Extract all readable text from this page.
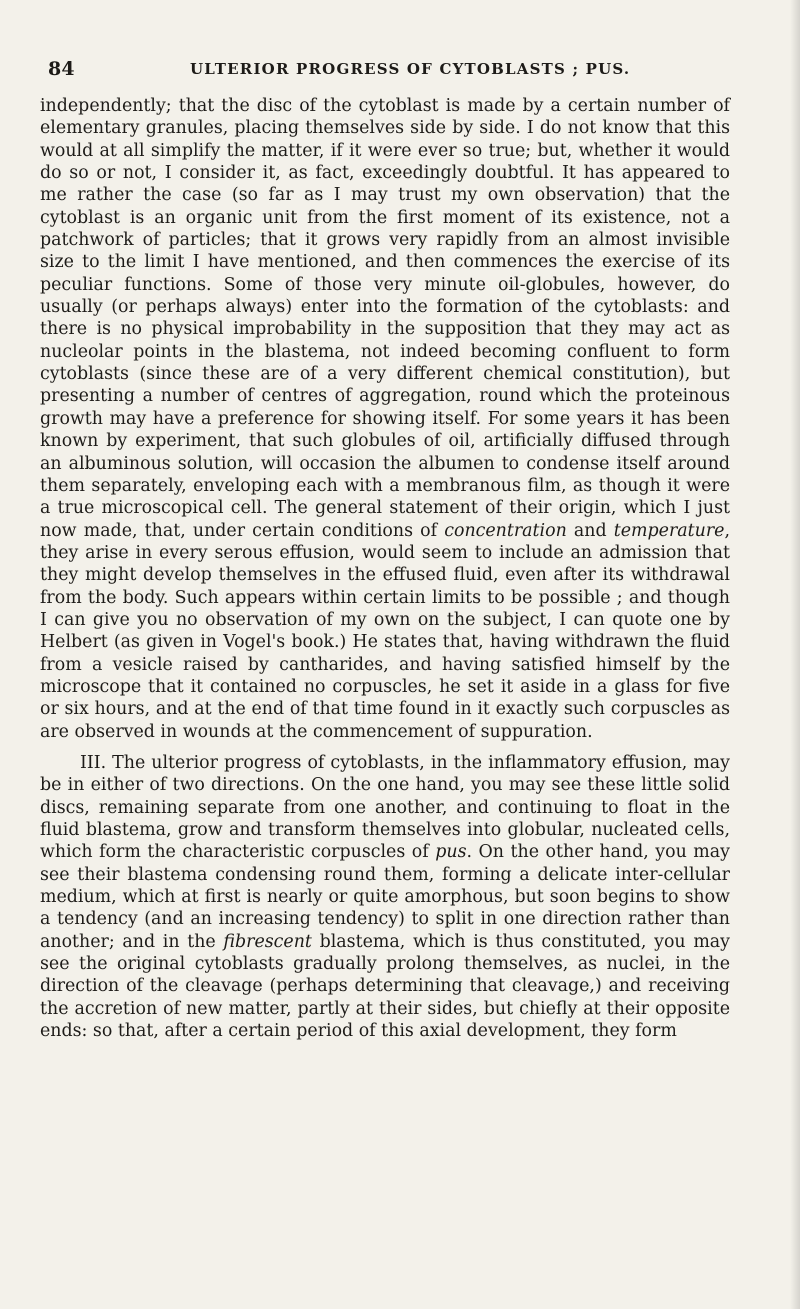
84	ULTERIOR PROGRESS OF CYTOBLASTS ; PUS.

independently; that the disc of the cytoblast is made by a certain number of elementary granules, placing themselves side by side. I do not know that this would at all simplify the matter, if it were ever so true; but, whether it would do so or not, I consider it, as fact, exceedingly doubtful. It has appeared to me rather the case (so far as I may trust my own observation) that the cytoblast is an organic unit from the first moment of its existence, not a patchwork of particles; that it grows very rapidly from an almost invisible size to the limit I have mentioned, and then commences the exercise of its peculiar functions. Some of those very minute oil-globules, however, do usually (or perhaps always) enter into the formation of the cytoblasts: and there is no physical improbability in the supposition that they may act as nucleolar points in the blastema, not indeed becoming confluent to form cytoblasts (since these are of a very different chemical constitution), but presenting a number of centres of aggregation, round which the proteinous growth may have a preference for showing itself. For some years it has been known by experiment, that such globules of oil, artificially diffused through an albuminous solution, will occasion the albumen to condense itself around them separately, enveloping each with a membranous film, as though it were a true microscopical cell. The general statement of their origin, which I just now made, that, under certain conditions of concentration and temperature, they arise in every serous effusion, would seem to include an admission that they might develop themselves in the effused fluid, even after its withdrawal from the body. Such appears within certain limits to be possible ; and though I can give you no observation of my own on the subject, I can quote one by Helbert (as given in Vogel's book.) He states that, having withdrawn the fluid from a vesicle raised by cantharides, and having satisfied himself by the microscope that it contained no corpuscles, he set it aside in a glass for five or six hours, and at the end of that time found in it exactly such corpuscles as are observed in wounds at the commencement of suppuration.

III. The ulterior progress of cytoblasts, in the inflammatory effusion, may be in either of two directions. On the one hand, you may see these little solid discs, remaining separate from one another, and continuing to float in the fluid blastema, grow and transform themselves into globular, nucleated cells, which form the characteristic corpuscles of pus. On the other hand, you may see their blastema condensing round them, forming a delicate inter-cellular medium, which at first is nearly or quite amorphous, but soon begins to show a tendency (and an increasing tendency) to split in one direction rather than another; and in the fibrescent blastema, which is thus constituted, you may see the original cytoblasts gradually prolong themselves, as nuclei, in the direction of the cleavage (perhaps determining that cleavage,) and receiving the accretion of new matter, partly at their sides, but chiefly at their opposite ends: so that, after a certain period of this axial development, they form
